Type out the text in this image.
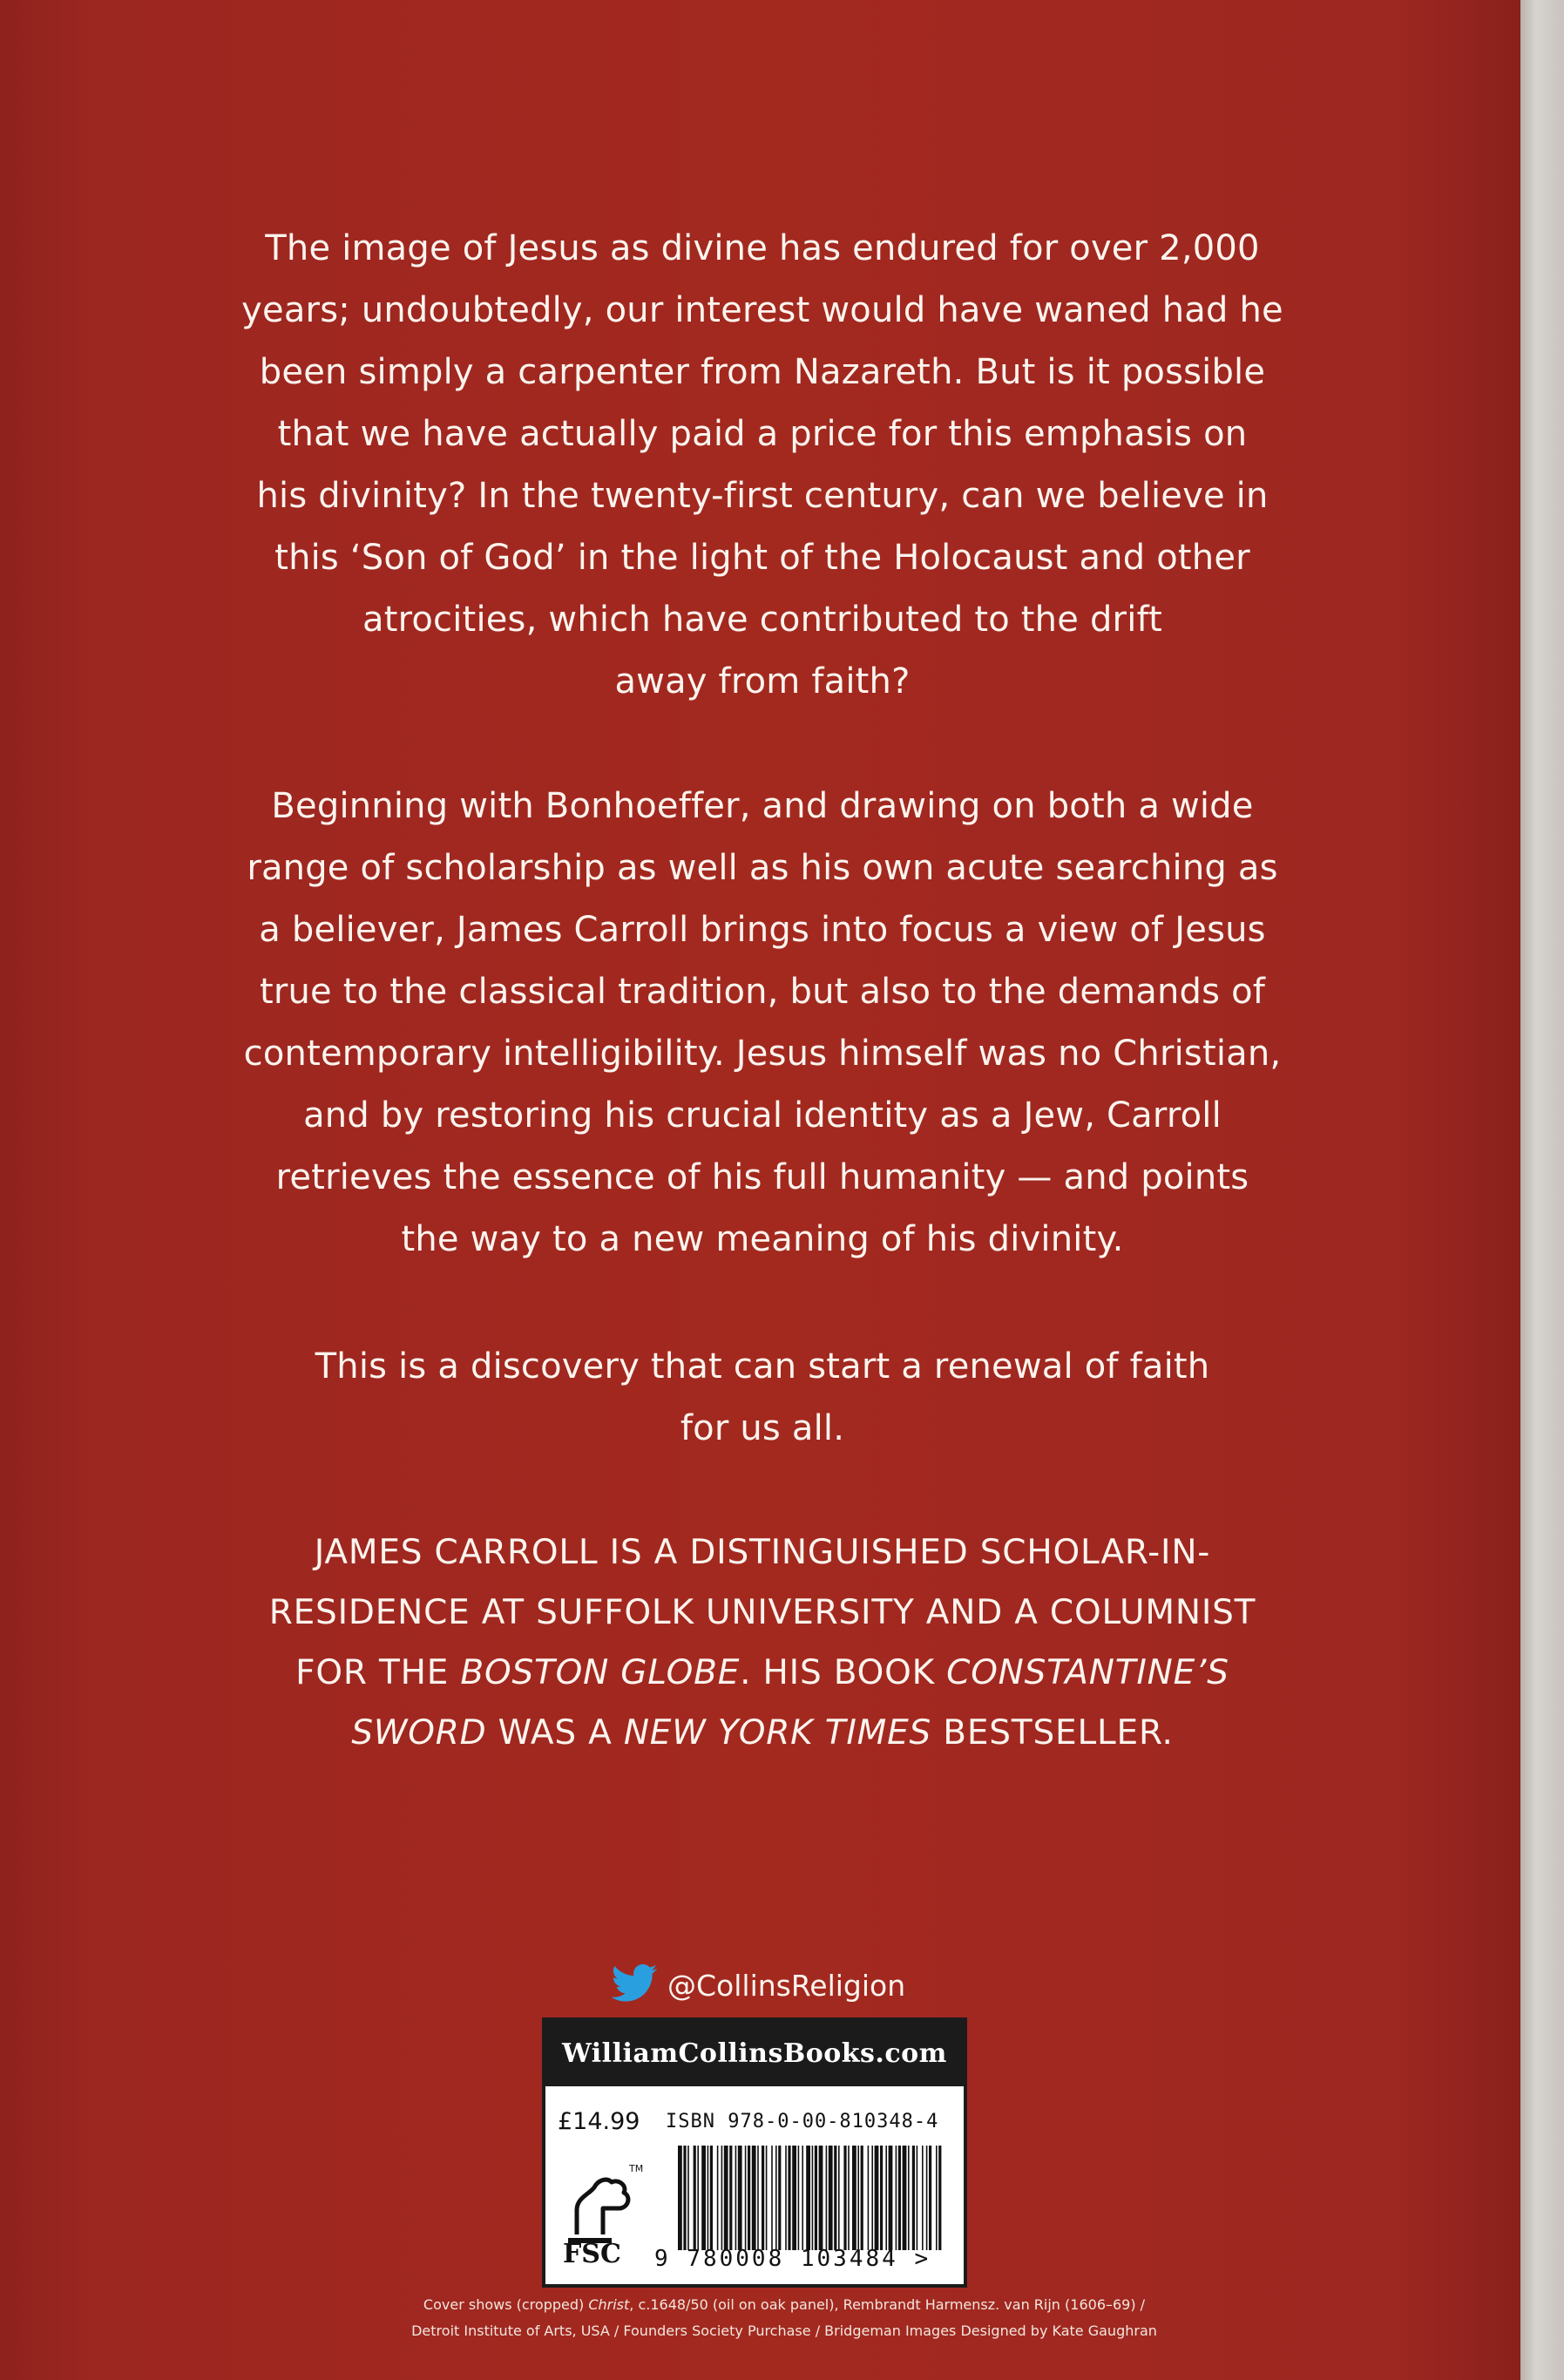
The image of Jesus as divine has endured for over 2,000

years; undoubtedly, our interest would have waned had he

been simply a carpenter from Nazareth. But is it possible

that we have actually paid a price for this emphasis on

his divinity? In the twenty-first century, can we believe in

this ‘Son of God’ in the light of the Holocaust and other

atrocities, which have contributed to the drift

away from faith?

Beginning with Bonhoeffer, and drawing on both a wide

range of scholarship as well as his own acute searching as

a believer, James Carroll brings into focus a view of Jesus

true to the classical tradition, but also to the demands of

contemporary intelligibility. Jesus himself was no Christian,

and by restoring his crucial identity as a Jew, Carroll

retrieves the essence of his full humanity — and points

the way to a new meaning of his divinity.

This is a discovery that can start a renewal of faith

for us all.

JAMES CARROLL IS A DISTINGUISHED SCHOLAR-IN-

RESIDENCE AT SUFFOLK UNIVERSITY AND A COLUMNIST

FOR THE BOSTON GLOBE. HIS BOOK CONSTANTINE’S

SWORD WAS A NEW YORK TIMES BESTSELLER.

@CollinsReligion
WilliamCollinsBooks.com
£14.99 ISBN 978-0-00-810348-4
TM
FSC 9 780008 103484 >
Cover shows (cropped) Christ, c.1648/50 (oil on oak panel), Rembrandt Harmensz. van Rijn (1606–69) /
Detroit Institute of Arts, USA / Founders Society Purchase / Bridgeman Images Designed by Kate Gaughran
